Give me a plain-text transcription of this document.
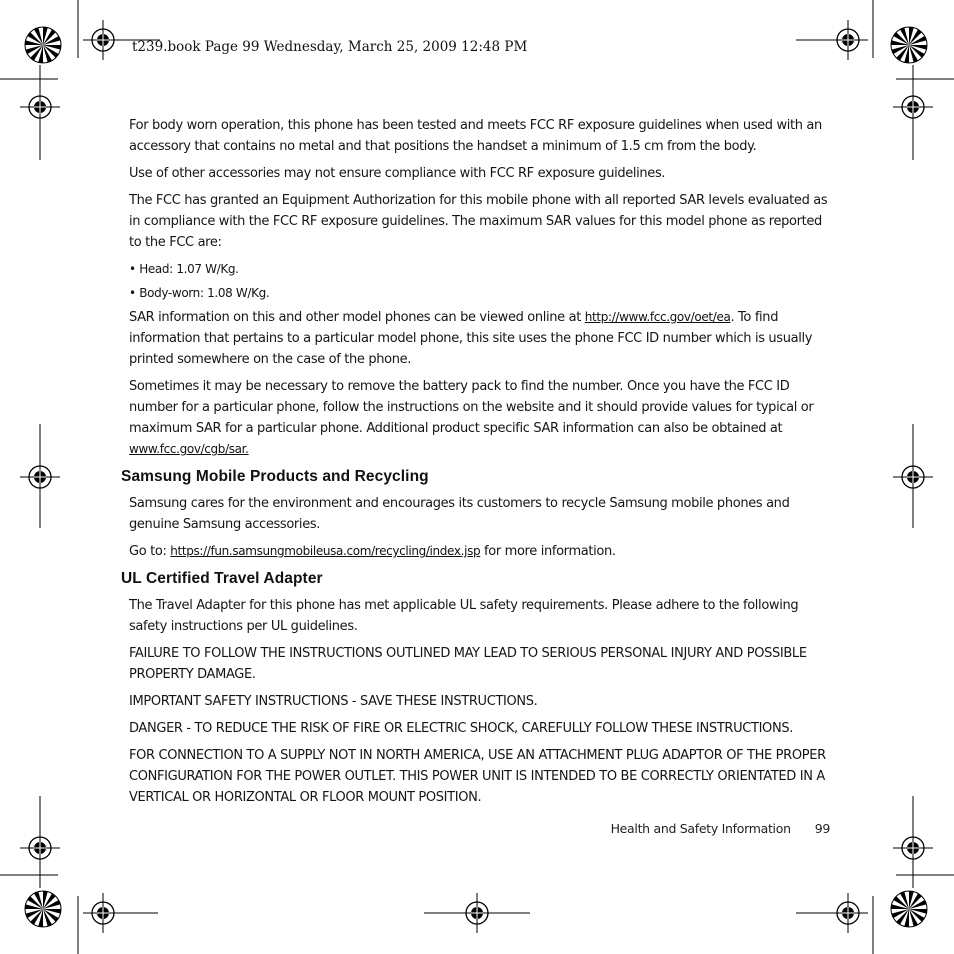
t239.book Page 99 Wednesday, March 25, 2009 12:48 PM

For body worn operation, this phone has been tested and meets FCC RF exposure guidelines when used with an accessory that contains no metal and that positions the handset a minimum of 1.5 cm from the body.

Use of other accessories may not ensure compliance with FCC RF exposure guidelines.

The FCC has granted an Equipment Authorization for this mobile phone with all reported SAR levels evaluated as in compliance with the FCC RF exposure guidelines. The maximum SAR values for this model phone as reported to the FCC are:

• Head: 1.07 W/Kg.

• Body-worn: 1.08 W/Kg.

SAR information on this and other model phones can be viewed online at http://www.fcc.gov/oet/ea. To find information that pertains to a particular model phone, this site uses the phone FCC ID number which is usually printed somewhere on the case of the phone.

Sometimes it may be necessary to remove the battery pack to find the number. Once you have the FCC ID number for a particular phone, follow the instructions on the website and it should provide values for typical or maximum SAR for a particular phone. Additional product specific SAR information can also be obtained at www.fcc.gov/cgb/sar.

Samsung Mobile Products and Recycling

Samsung cares for the environment and encourages its customers to recycle Samsung mobile phones and genuine Samsung accessories.

Go to: https://fun.samsungmobileusa.com/recycling/index.jsp for more information.

UL Certified Travel Adapter

The Travel Adapter for this phone has met applicable UL safety requirements. Please adhere to the following safety instructions per UL guidelines.

FAILURE TO FOLLOW THE INSTRUCTIONS OUTLINED MAY LEAD TO SERIOUS PERSONAL INJURY AND POSSIBLE PROPERTY DAMAGE.

IMPORTANT SAFETY INSTRUCTIONS - SAVE THESE INSTRUCTIONS.

DANGER - TO REDUCE THE RISK OF FIRE OR ELECTRIC SHOCK, CAREFULLY FOLLOW THESE INSTRUCTIONS.

FOR CONNECTION TO A SUPPLY NOT IN NORTH AMERICA, USE AN ATTACHMENT PLUG ADAPTOR OF THE PROPER CONFIGURATION FOR THE POWER OUTLET. THIS POWER UNIT IS INTENDED TO BE CORRECTLY ORIENTATED IN A VERTICAL OR HORIZONTAL OR FLOOR MOUNT POSITION.

Health and Safety Information 99
